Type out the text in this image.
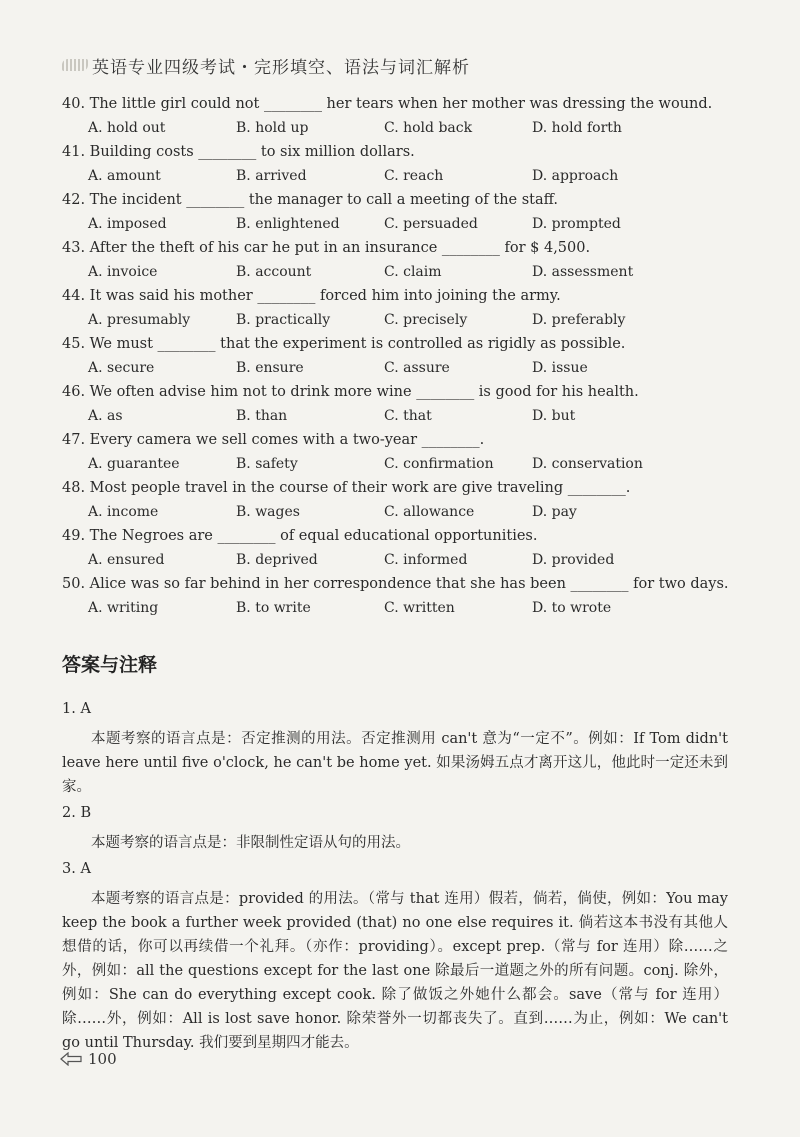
英语专业四级考试・完形填空、语法与词汇解析
40. The little girl could not ________ her tears when her mother was dressing the wound.
A. hold out	B. hold up	C. hold back	D. hold forth
41. Building costs ________ to six million dollars.
A. amount	B. arrived	C. reach	D. approach
42. The incident ________ the manager to call a meeting of the staff.
A. imposed	B. enlightened	C. persuaded	D. prompted
43. After the theft of his car he put in an insurance ________ for $ 4,500.
A. invoice	B. account	C. claim	D. assessment
44. It was said his mother ________ forced him into joining the army.
A. presumably	B. practically	C. precisely	D. preferably
45. We must ________ that the experiment is controlled as rigidly as possible.
A. secure	B. ensure	C. assure	D. issue
46. We often advise him not to drink more wine ________ is good for his health.
A. as	B. than	C. that	D. but
47. Every camera we sell comes with a two-year ________.
A. guarantee	B. safety	C. confirmation	D. conservation
48. Most people travel in the course of their work are give traveling ________.
A. income	B. wages	C. allowance	D. pay
49. The Negroes are ________ of equal educational opportunities.
A. ensured	B. deprived	C. informed	D. provided
50. Alice was so far behind in her correspondence that she has been ________ for two days.
A. writing	B. to write	C. written	D. to wrote
答案与注释
1. A
本题考察的语言点是：否定推测的用法。否定推测用 can't 意为“一定不”。例如：If Tom didn't leave here until five o'clock, he can't be home yet. 如果汤姆五点才离开这儿，他此时一定还未到家。
2. B
本题考察的语言点是：非限制性定语从句的用法。
3. A
本题考察的语言点是：provided 的用法。（常与 that 连用）假若，倘若，倘使，例如：You may keep the book a further week provided (that) no one else requires it. 倘若这本书没有其他人想借的话，你可以再续借一个礼拜。（亦作：providing）。except prep.（常与 for 连用）除……之外，例如：all the questions except for the last one 除最后一道题之外的所有问题。conj. 除外，例如：She can do everything except cook. 除了做饭之外她什么都会。save（常与 for 连用）除……外，例如：All is lost save honor. 除荣誉外一切都丧失了。直到……为止，例如：We can't go until Thursday. 我们要到星期四才能去。
100
